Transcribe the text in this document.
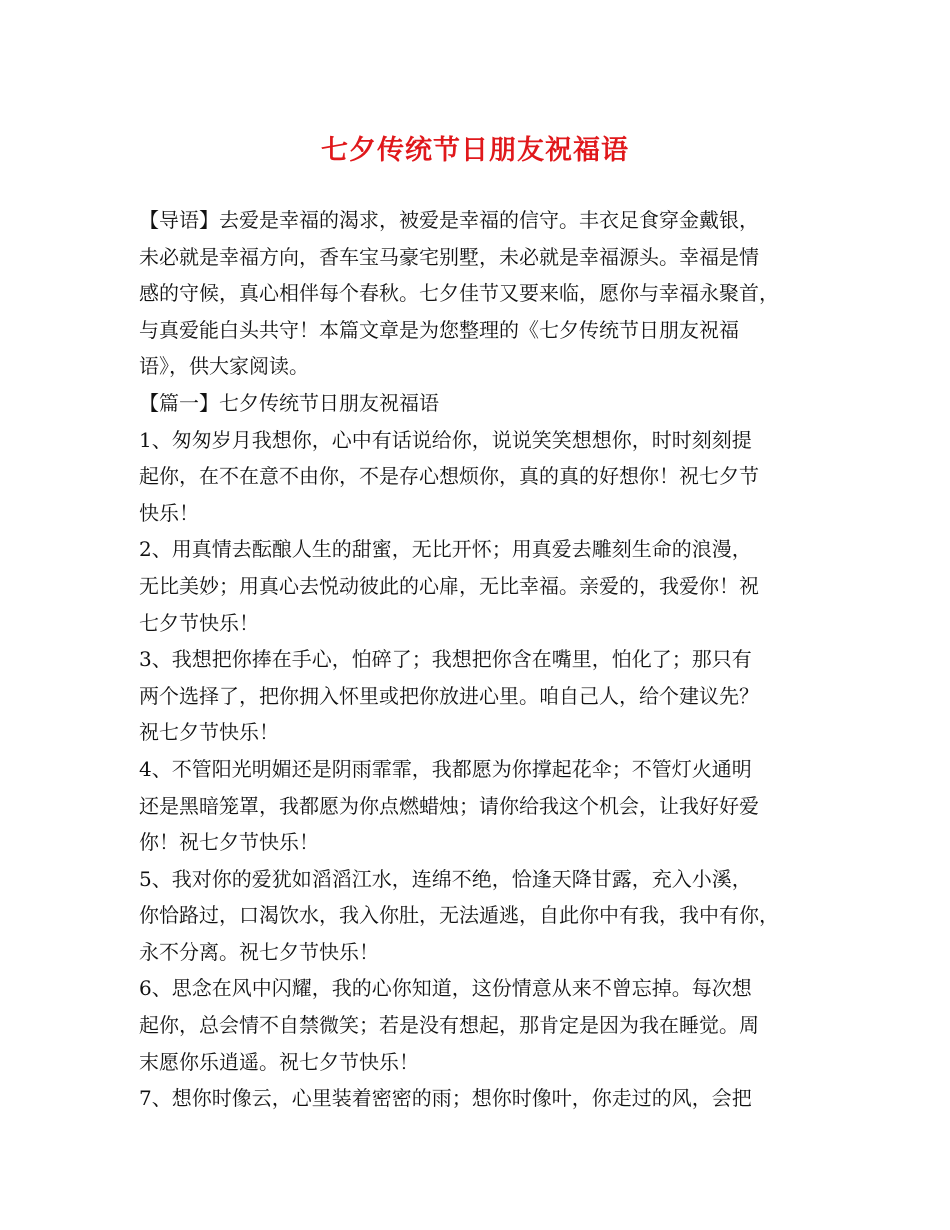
七夕传统节日朋友祝福语
【导语】去爱是幸福的渴求，被爱是幸福的信守。丰衣足食穿金戴银，
未必就是幸福方向，香车宝马豪宅别墅，未必就是幸福源头。幸福是情
感的守候，真心相伴每个春秋。七夕佳节又要来临，愿你与幸福永聚首，
与真爱能白头共守！本篇文章是为您整理的《七夕传统节日朋友祝福
语》，供大家阅读。
【篇一】七夕传统节日朋友祝福语
1、匆匆岁月我想你，心中有话说给你，说说笑笑想想你，时时刻刻提
起你，在不在意不由你，不是存心想烦你，真的真的好想你！祝七夕节
快乐！
2、用真情去酝酿人生的甜蜜，无比开怀；用真爱去雕刻生命的浪漫，
无比美妙；用真心去悦动彼此的心扉，无比幸福。亲爱的，我爱你！祝
七夕节快乐！
3、我想把你捧在手心，怕碎了；我想把你含在嘴里，怕化了；那只有
两个选择了，把你拥入怀里或把你放进心里。咱自己人，给个建议先？
祝七夕节快乐！
4、不管阳光明媚还是阴雨霏霏，我都愿为你撑起花伞；不管灯火通明
还是黑暗笼罩，我都愿为你点燃蜡烛；请你给我这个机会，让我好好爱
你！祝七夕节快乐！
5、我对你的爱犹如滔滔江水，连绵不绝，恰逢天降甘露，充入小溪，
你恰路过，口渴饮水，我入你肚，无法遁逃，自此你中有我，我中有你，
永不分离。祝七夕节快乐！
6、思念在风中闪耀，我的心你知道，这份情意从来不曾忘掉。每次想
起你，总会情不自禁微笑；若是没有想起，那肯定是因为我在睡觉。周
末愿你乐逍遥。祝七夕节快乐！
7、想你时像云，心里装着密密的雨；想你时像叶，你走过的风，会把
